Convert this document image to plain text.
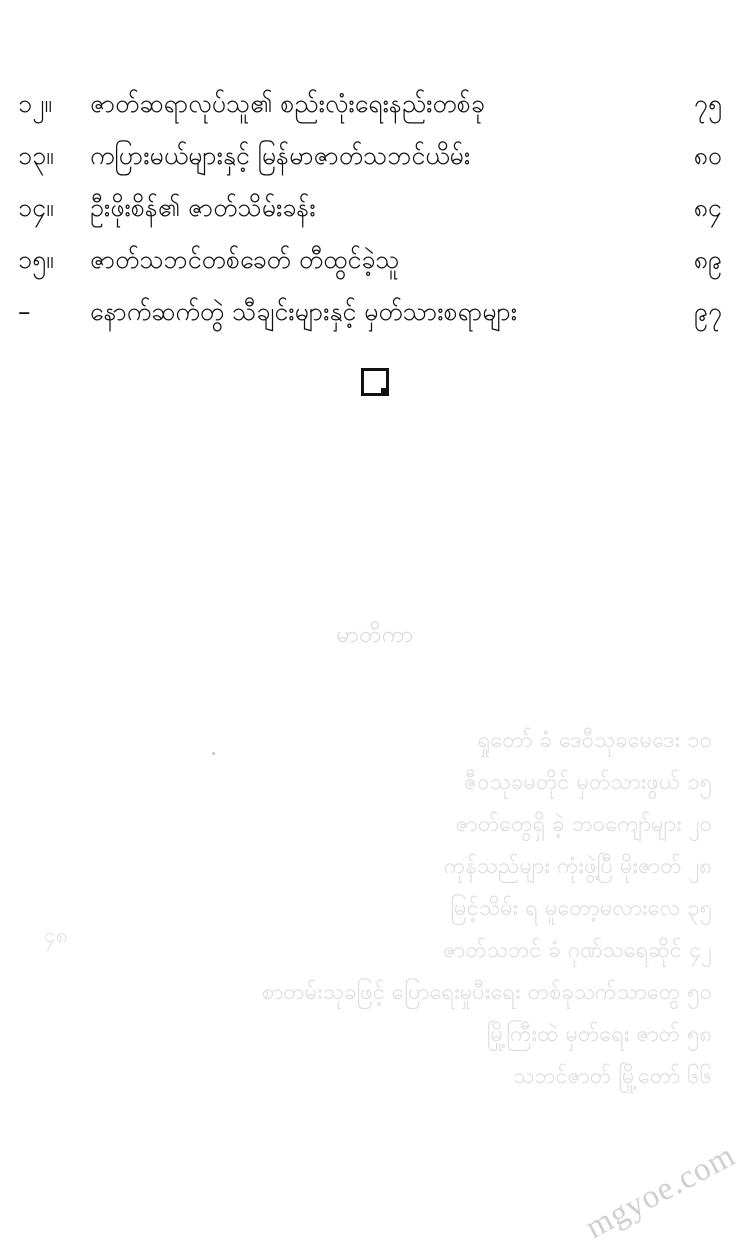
၁၂။	ဇာတ်ဆရာလုပ်သူ၏ စည်းလုံးရေးနည်းတစ်ခု	၇၅
၁၃။	ကပြားမယ်များနှင့် မြန်မာဇာတ်သဘင်ယိမ်း	၈၀
၁၄။	ဦးဖိုးစိန်၏ ဇာတ်သိမ်းခန်း	၈၄
၁၅။	ဇာတ်သဘင်တစ်ခေတ် တီထွင်ခဲ့သူ	၈၉
–	နောက်ဆက်တွဲ သီချင်းများနှင့် မှတ်သားစရာများ	၉၇
မာတိကာ
ရှုတော် ခံ ဒေဝီသုခမေဒေး ၁၀
ဇီဝသုခမတိုင် မှတ်သားဖွယ် ၁၅
ဇာတ်တွေရှိ ခဲ့ ဘဝကျော်များ ၂၀
ကုန်သည်များ ကုံးဖွဲ့ပြီ မိုးဇာတ် ၂၈
မြင့်သိမ်း ရ မူတော့မလားလေ ၃၅
ဇာတ်သဘင် ခံ ဂုဏ်သရေဆိုင် ၄၂
စာတမ်းသုခဖြင့် ပြောရေးမှုပီးရေး တစ်ခုသက်သာတွေ ၅၀
မြို့ကြီးထဲ မှတ်ရေး ဇာတ် ၅၈
သဘင်ဇာတ် မြို့တော် ၆၆
၄၈
mgyoe.com
